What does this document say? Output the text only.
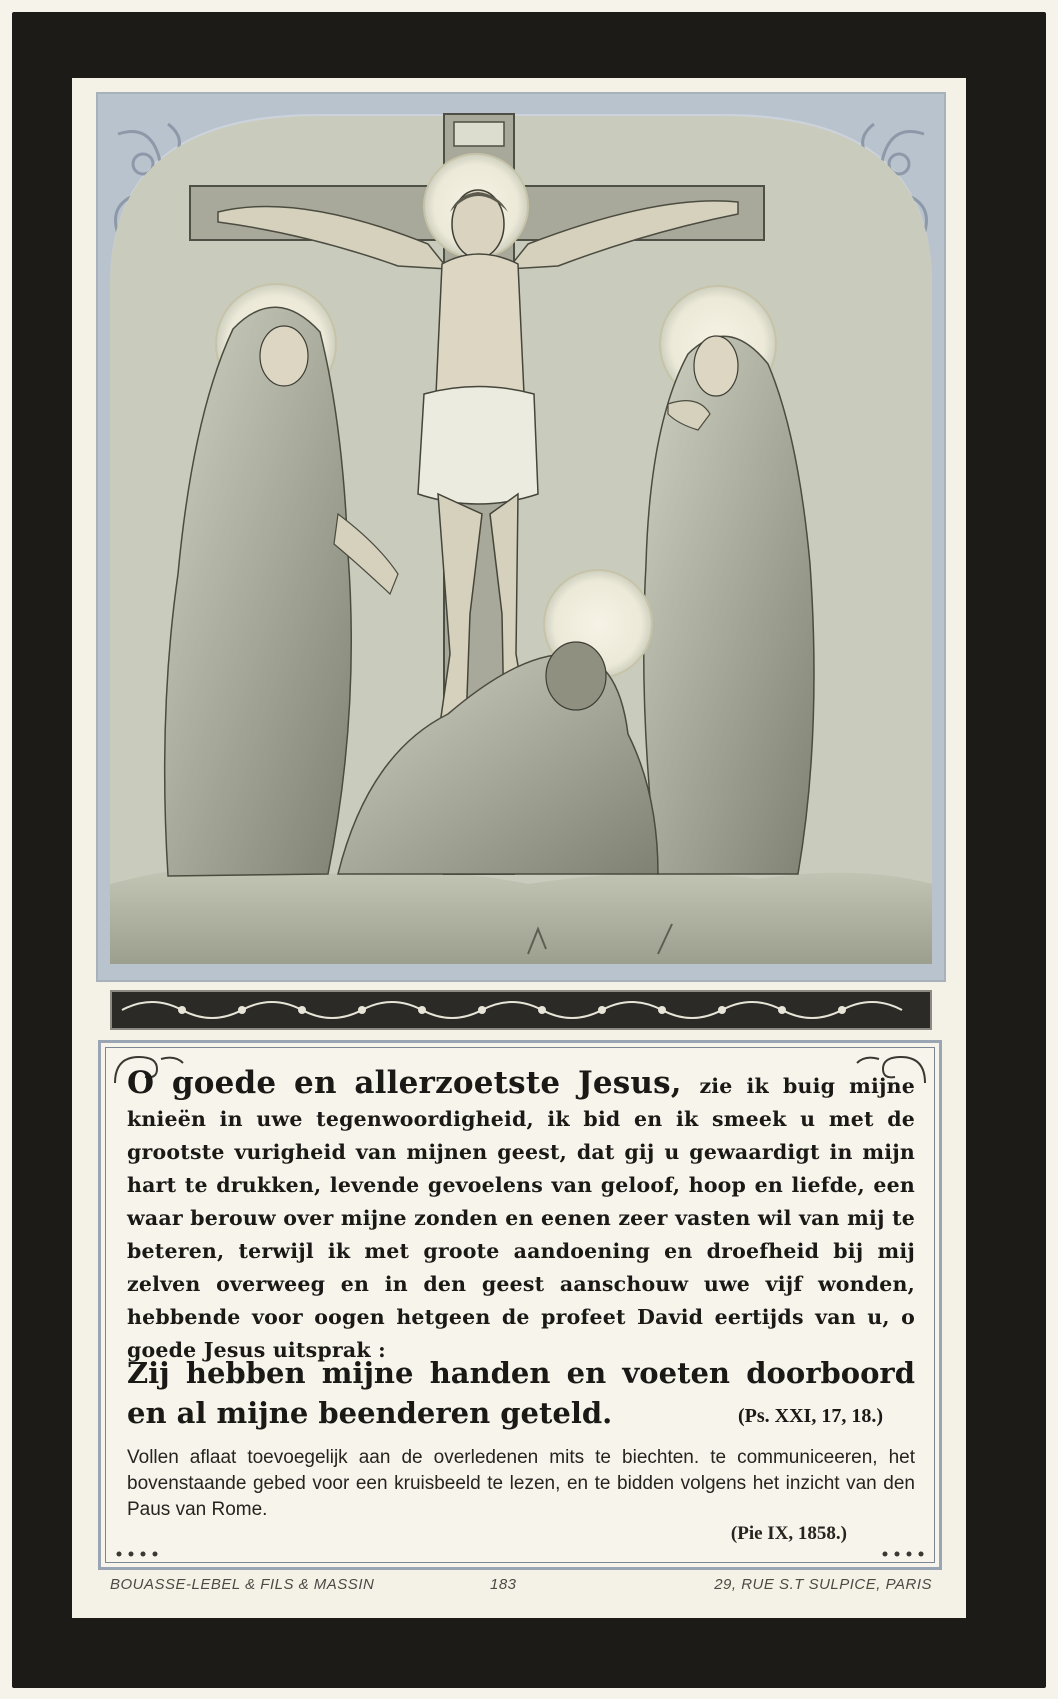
O goede en allerzoetste Jesus, zie ik buig mijne knieën in uwe tegenwoordigheid, ik bid en ik smeek u met de grootste vurigheid van mijnen geest, dat gij u gewaardigt in mijn hart te drukken, levende gevoelens van geloof, hoop en liefde, een waar berouw over mijne zonden en eenen zeer vasten wil van mij te beteren, terwijl ik met groote aandoening en droefheid bij mij zelven overweeg en in den geest aanschouw uwe vijf wonden, hebbende voor oogen hetgeen de profeet David eertijds van u, o goede Jesus uitsprak :
Zij hebben mijne handen en voeten doorboord en al mijne beenderen geteld.	(Ps. XXI, 17, 18.)
Vollen aflaat toevoegelijk aan de overledenen mits te biechten. te communiceeren, het bovenstaande gebed voor een kruisbeeld te lezen, en te bidden volgens het inzicht van den Paus van Rome.
(Pie IX, 1858.)
BOUASSE-LEBEL & FILS & MASSIN	183	29, RUE S.T SULPICE, PARIS
